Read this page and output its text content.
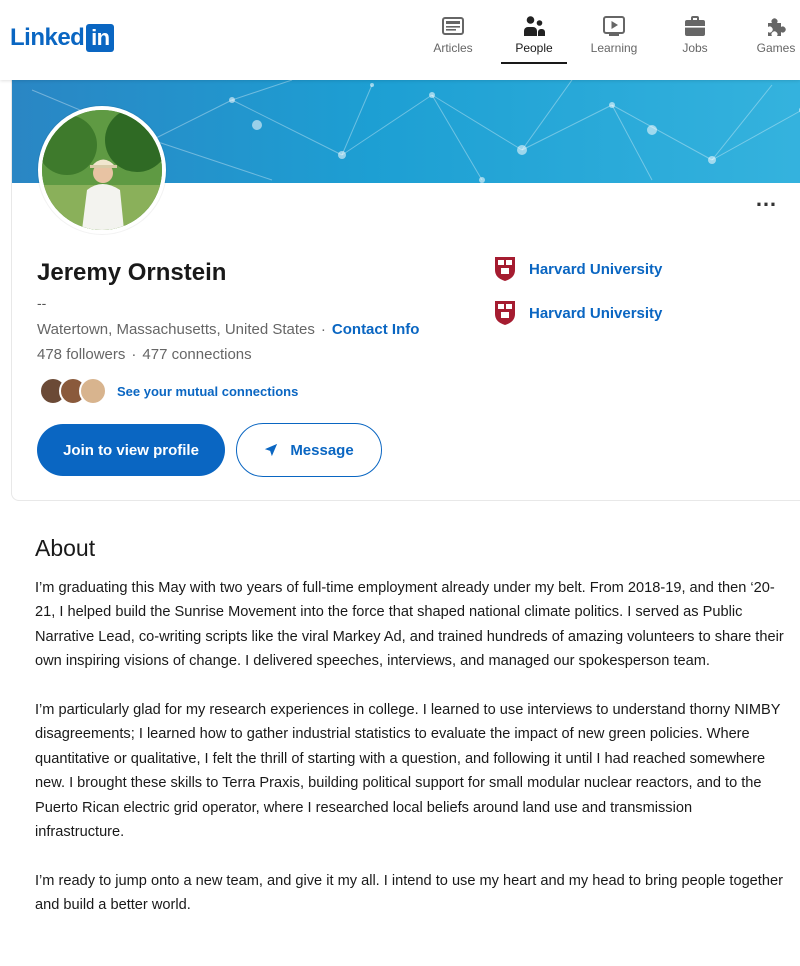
Linked in	Articles	People	Learning	Jobs	Games
…
Jeremy Ornstein
--
Watertown, Massachusetts, United States · Contact Info
478 followers · 477 connections
See your mutual connections
Join to view profile	Message
Harvard University
Harvard University
About

I’m graduating this May with two years of full-time employment already under my belt. From 2018-19, and then ‘20-21, I helped build the Sunrise Movement into the force that shaped national climate politics. I served as Public Narrative Lead, co-writing scripts like the viral Markey Ad, and trained hundreds of amazing volunteers to share their own inspiring visions of change. I delivered speeches, interviews, and managed our spokesperson team.

I’m particularly glad for my research experiences in college. I learned to use interviews to understand thorny NIMBY disagreements; I learned how to gather industrial statistics to evaluate the impact of new green policies. Where quantitative or qualitative, I felt the thrill of starting with a question, and following it until I had reached somewhere new. I brought these skills to Terra Praxis, building political support for small modular nuclear reactors, and to the Puerto Rican electric grid operator, where I researched local beliefs around land use and transmission infrastructure.

I’m ready to jump onto a new team, and give it my all. I intend to use my heart and my head to bring people together and build a better world.
